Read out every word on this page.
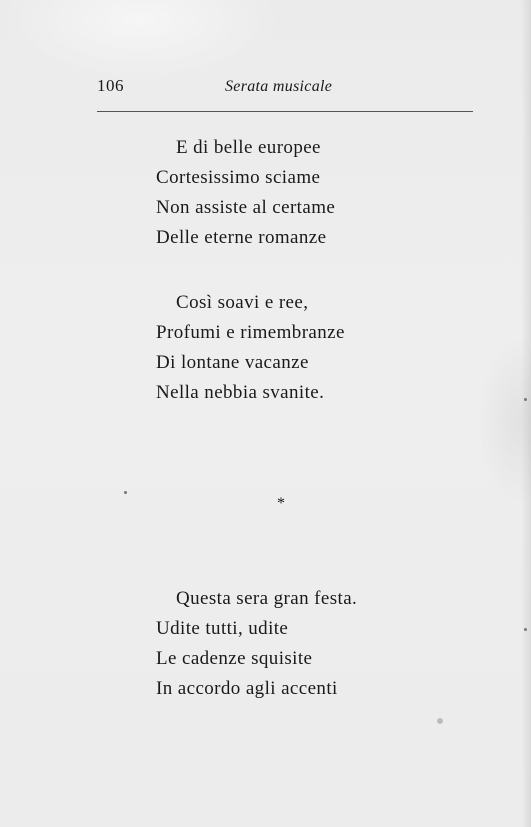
106	Serata musicale
E di belle europee
Cortesissimo sciame
Non assiste al certame
Delle eterne romanze
Così soavi e ree,
Profumi e rimembranze
Di lontane vacanze
Nella nebbia svanite.
*
Questa sera gran festa.
Udite tutti, udite
Le cadenze squisite
In accordo agli accenti
